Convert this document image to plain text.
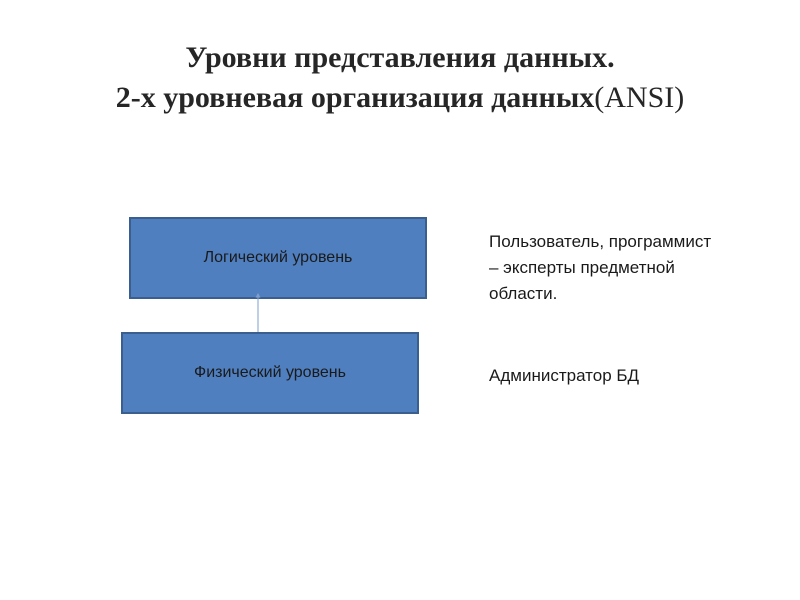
Уровни представления данных.
2-х уровневая организация данных(ANSI)
Логический уровень
Физический уровень
Пользователь, программист
– эксперты предметной
области.
Администратор БД
